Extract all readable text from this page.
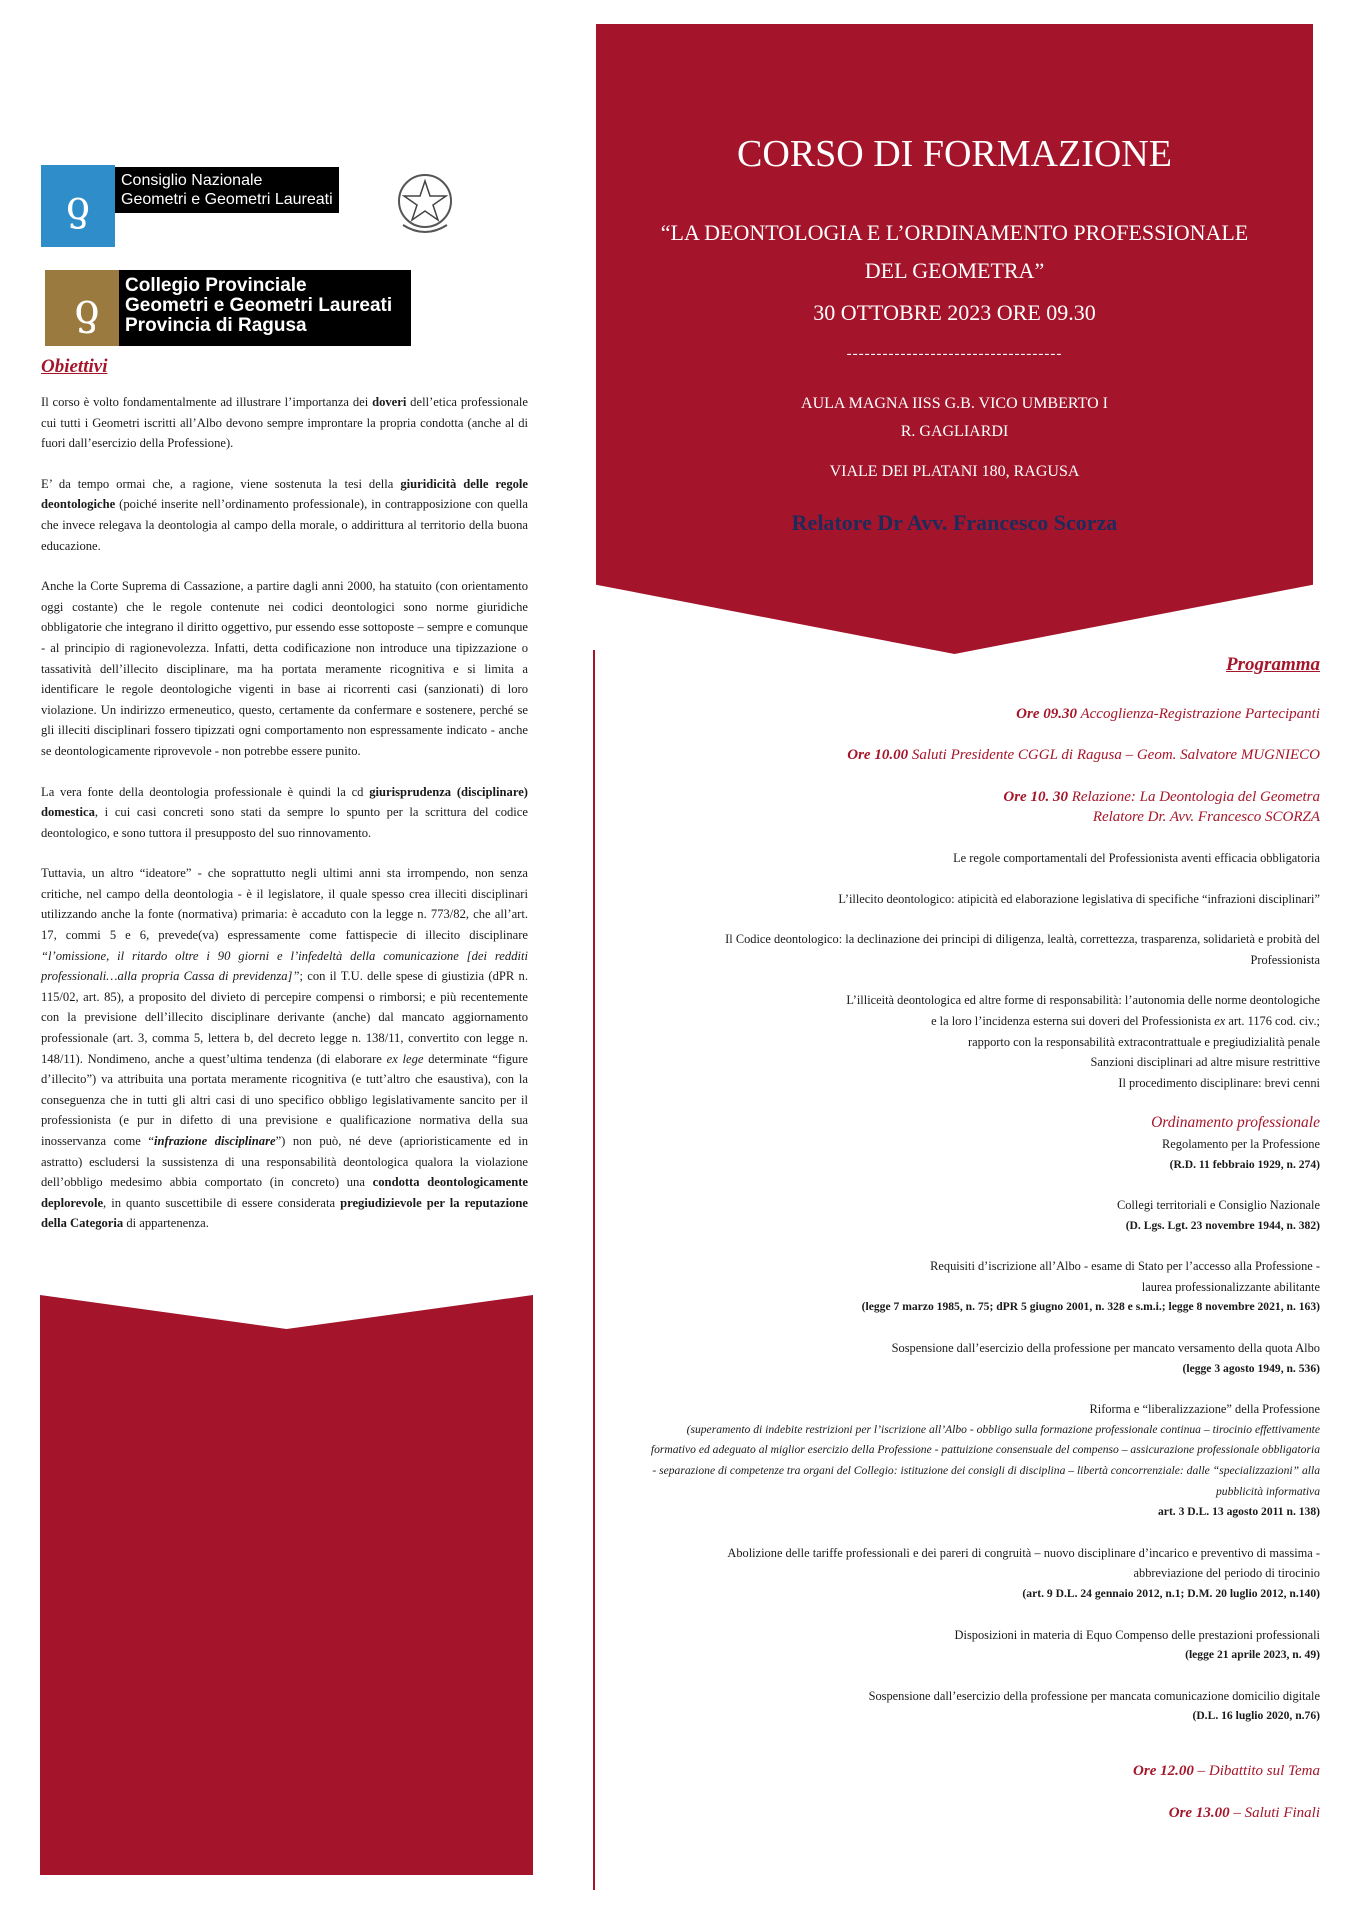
ƍ
Consiglio Nazionale
Geometri e Geometri Laureati
ƍ	Collegio Provinciale
Geometri e Geometri Laureati
Provincia di Ragusa
Obiettivi

Il corso è volto fondamentalmente ad illustrare l’importanza dei doveri dell’etica professionale cui tutti i Geometri iscritti all’Albo devono sempre improntare la propria condotta (anche al di fuori dall’esercizio della Professione).

E’ da tempo ormai che, a ragione, viene sostenuta la tesi della giuridicità delle regole deontologiche (poiché inserite nell’ordinamento professionale), in contrapposizione con quella che invece relegava la deontologia al campo della morale, o addirittura al territorio della buona educazione.

Anche la Corte Suprema di Cassazione, a partire dagli anni 2000, ha statuito (con orientamento oggi costante) che le regole contenute nei codici deontologici sono norme giuridiche obbligatorie che integrano il diritto oggettivo, pur essendo esse sottoposte – sempre e comunque - al principio di ragionevolezza. Infatti, detta codificazione non introduce una tipizzazione o tassatività dell’illecito disciplinare, ma ha portata meramente ricognitiva e si limita a identificare le regole deontologiche vigenti in base ai ricorrenti casi (sanzionati) di loro violazione. Un indirizzo ermeneutico, questo, certamente da confermare e sostenere, perché se gli illeciti disciplinari fossero tipizzati ogni comportamento non espressamente indicato - anche se deontologicamente riprovevole - non potrebbe essere punito.

La vera fonte della deontologia professionale è quindi la cd giurisprudenza (disciplinare) domestica, i cui casi concreti sono stati da sempre lo spunto per la scrittura del codice deontologico, e sono tuttora il presupposto del suo rinnovamento.

Tuttavia, un altro “ideatore” - che soprattutto negli ultimi anni sta irrompendo, non senza critiche, nel campo della deontologia - è il legislatore, il quale spesso crea illeciti disciplinari utilizzando anche la fonte (normativa) primaria: è accaduto con la legge n. 773/82, che all’art. 17, commi 5 e 6, prevede(va) espressamente come fattispecie di illecito disciplinare “l’omissione, il ritardo oltre i 90 giorni e l’infedeltà della comunicazione [dei redditi professionali…alla propria Cassa di previdenza]”; con il T.U. delle spese di giustizia (dPR n. 115/02, art. 85), a proposito del divieto di percepire compensi o rimborsi; e più recentemente con la previsione dell’illecito disciplinare derivante (anche) dal mancato aggiornamento professionale (art. 3, comma 5, lettera b, del decreto legge n. 138/11, convertito con legge n. 148/11). Nondimeno, anche a quest’ultima tendenza (di elaborare ex lege determinate “figure d’illecito”) va attribuita una portata meramente ricognitiva (e tutt’altro che esaustiva), con la conseguenza che in tutti gli altri casi di uno specifico obbligo legislativamente sancito per il professionista (e pur in difetto di una previsione e qualificazione normativa della sua inosservanza come “infrazione disciplinare”) non può, né deve (aprioristicamente ed in astratto) escludersi la sussistenza di una responsabilità deontologica qualora la violazione dell’obbligo medesimo abbia comportato (in concreto) una condotta deontologicamente deplorevole, in quanto suscettibile di essere considerata pregiudizievole per la reputazione della Categoria di appartenenza.

CORSO DI FORMAZIONE
“LA DEONTOLOGIA E L’ORDINAMENTO PROFESSIONALE
DEL GEOMETRA”
30 OTTOBRE 2023 ORE 09.30
------------------------------------
AULA MAGNA IISS G.B. VICO UMBERTO I
R. GAGLIARDI
VIALE DEI PLATANI 180, RAGUSA
Relatore Dr Avv. Francesco Scorza
Programma
Ore 09.30 Accoglienza-Registrazione Partecipanti
Ore 10.00 Saluti Presidente CGGL di Ragusa – Geom. Salvatore MUGNIECO
Ore 10. 30 Relazione: La Deontologia del Geometra
Relatore Dr. Avv. Francesco SCORZA
Le regole comportamentali del Professionista aventi efficacia obbligatoria
L’illecito deontologico: atipicità ed elaborazione legislativa di specifiche “infrazioni disciplinari”
Il Codice deontologico: la declinazione dei principi di diligenza, lealtà, correttezza, trasparenza, solidarietà e probità del Professionista
L’illiceità deontologica ed altre forme di responsabilità: l’autonomia delle norme deontologiche
e la loro l’incidenza esterna sui doveri del Professionista ex art. 1176 cod. civ.;
rapporto con la responsabilità extracontrattuale e pregiudizialità penale
Sanzioni disciplinari ad altre misure restrittive
Il procedimento disciplinare: brevi cenni
Ordinamento professionale
Regolamento per la Professione
(R.D. 11 febbraio 1929, n. 274)
Collegi territoriali e Consiglio Nazionale
(D. Lgs. Lgt. 23 novembre 1944, n. 382)
Requisiti d’iscrizione all’Albo - esame di Stato per l’accesso alla Professione -
laurea professionalizzante abilitante
(legge 7 marzo 1985, n. 75; dPR 5 giugno 2001, n. 328 e s.m.i.; legge 8 novembre 2021, n. 163)
Sospensione dall’esercizio della professione per mancato versamento della quota Albo
(legge 3 agosto 1949, n. 536)
Riforma e “liberalizzazione” della Professione
(superamento di indebite restrizioni per l’iscrizione all’Albo - obbligo sulla formazione professionale continua – tirocinio effettivamente formativo ed adeguato al miglior esercizio della Professione - pattuizione consensuale del compenso – assicurazione professionale obbligatoria - separazione di competenze tra organi del Collegio: istituzione dei consigli di disciplina – libertà concorrenziale: dalle “specializzazioni” alla pubblicità informativa
art. 3 D.L. 13 agosto 2011 n. 138)
Abolizione delle tariffe professionali e dei pareri di congruità – nuovo disciplinare d’incarico e preventivo di massima - abbreviazione del periodo di tirocinio
(art. 9 D.L. 24 gennaio 2012, n.1; D.M. 20 luglio 2012, n.140)
Disposizioni in materia di Equo Compenso delle prestazioni professionali
(legge 21 aprile 2023, n. 49)
Sospensione dall’esercizio della professione per mancata comunicazione domicilio digitale
(D.L. 16 luglio 2020, n.76)
Ore 12.00 – Dibattito sul Tema
Ore 13.00 – Saluti Finali
